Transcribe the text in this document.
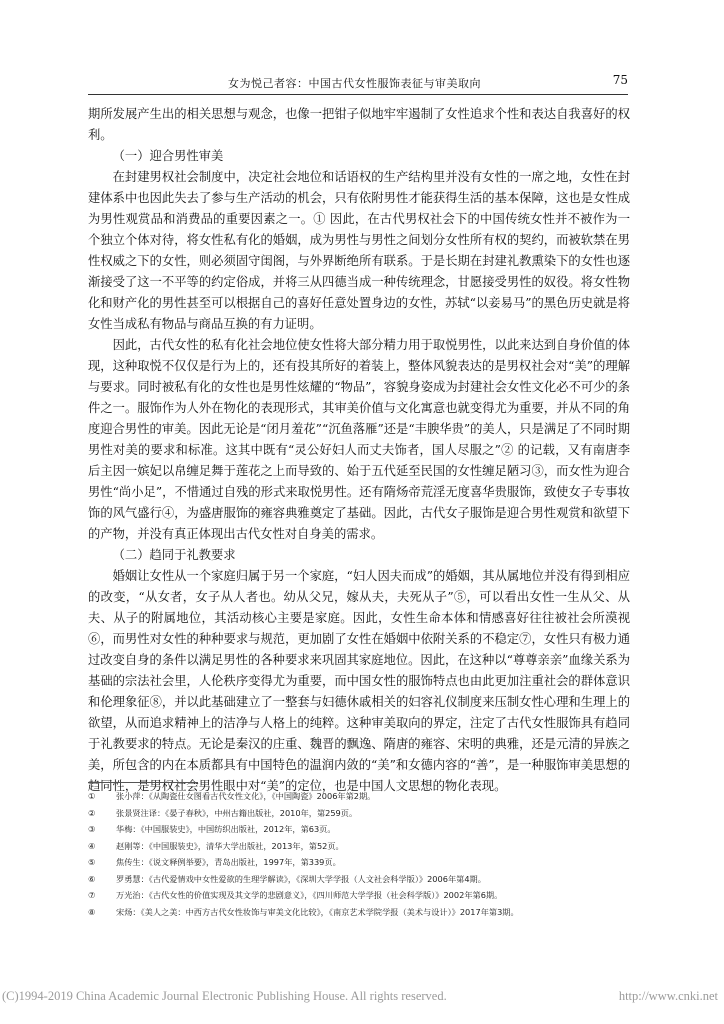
女为悦己者容：中国古代女性服饰表征与审美取向	75

期所发展产生出的相关思想与观念，也像一把钳子似地牢牢遏制了女性追求个性和表达自我喜好的权利。

（一）迎合男性审美

在封建男权社会制度中，决定社会地位和话语权的生产结构里并没有女性的一席之地，女性在封建体系中也因此失去了参与生产活动的机会，只有依附男性才能获得生活的基本保障，这也是女性成为男性观赏品和消费品的重要因素之一。① 因此，在古代男权社会下的中国传统女性并不被作为一个独立个体对待，将女性私有化的婚姻，成为男性与男性之间划分女性所有权的契约，而被软禁在男性权威之下的女性，则必须固守闺阁，与外界断绝所有联系。于是长期在封建礼教熏染下的女性也逐渐接受了这一不平等的约定俗成，并将三从四德当成一种传统理念，甘愿接受男性的奴役。将女性物化和财产化的男性甚至可以根据自己的喜好任意处置身边的女性，苏轼“以妾易马”的黑色历史就是将女性当成私有物品与商品互换的有力证明。

因此，古代女性的私有化社会地位使女性将大部分精力用于取悦男性，以此来达到自身价值的体现，这种取悦不仅仅是行为上的，还有投其所好的着装上，整体风貌表达的是男权社会对“美”的理解与要求。同时被私有化的女性也是男性炫耀的“物品”，容貌身姿成为封建社会女性文化必不可少的条件之一。服饰作为人外在物化的表现形式，其审美价值与文化寓意也就变得尤为重要，并从不同的角度迎合男性的审美。因此无论是“闭月羞花”“沉鱼落雁”还是“丰腴华贵”的美人，只是满足了不同时期男性对美的要求和标准。这其中既有“灵公好妇人而丈夫饰者，国人尽服之”② 的记载，又有南唐李后主因一嫔妃以帛缠足舞于莲花之上而导致的、始于五代延至民国的女性缠足陋习③，而女性为迎合男性“尚小足”，不惜通过自残的形式来取悦男性。还有隋炀帝荒淫无度喜华贵服饰，致使女子专事妆饰的风气盛行④，为盛唐服饰的雍容典雅奠定了基础。因此，古代女子服饰是迎合男性观赏和欲望下的产物，并没有真正体现出古代女性对自身美的需求。

（二）趋同于礼教要求

婚姻让女性从一个家庭归属于另一个家庭，“妇人因夫而成”的婚姻，其从属地位并没有得到相应的改变，“从女者，女子从人者也。幼从父兄，嫁从夫，夫死从子”⑤，可以看出女性一生从父、从夫、从子的附属地位，其活动核心主要是家庭。因此，女性生命本体和情感喜好往往被社会所漠视⑥，而男性对女性的种种要求与规范，更加剧了女性在婚姻中依附关系的不稳定⑦，女性只有极力通过改变自身的条件以满足男性的各种要求来巩固其家庭地位。因此，在这种以“尊尊亲亲”血缘关系为基础的宗法社会里，人伦秩序变得尤为重要，而中国女性的服饰特点也由此更加注重社会的群体意识和伦理象征⑧，并以此基础建立了一整套与妇德休戚相关的妇容礼仪制度来压制女性心理和生理上的欲望，从而追求精神上的洁净与人格上的纯粹。这种审美取向的界定，注定了古代女性服饰具有趋同于礼教要求的特点。无论是秦汉的庄重、魏晋的飘逸、隋唐的雍容、宋明的典雅，还是元清的异族之美，所包含的内在本质都具有中国特色的温润内敛的“美”和女德内容的“善”，是一种服饰审美思想的趋同性，是男权社会男性眼中对“美”的定位，也是中国人文思想的物化表现。

①	张小萍：《从陶瓷仕女图看古代女性文化》，《中国陶瓷》2006年第2期。
②	张景贤注译：《晏子春秋》，中州古籍出版社，2010年，第259页。
③	华梅：《中国服装史》，中国纺织出版社，2012年，第63页。
④	赵刚等：《中国服装史》，清华大学出版社，2013年，第52页。
⑤	焦传生：《说文释例举要》，青岛出版社，1997年，第339页。
⑥	罗勇慧：《古代爱情戏中女性爱欲的生理学解读》，《深圳大学学报（人文社会科学版）》2006年第4期。
⑦	万光治：《古代女性的价值实现及其文学的悲剧意义》，《四川师范大学学报（社会科学版）》2002年第6期。
⑧	宋炀：《美人之美：中西方古代女性妆饰与审美文化比较》，《南京艺术学院学报（美术与设计）》2017年第3期。
(C)1994-2019 China Academic Journal Electronic Publishing House. All rights reserved.	http://www.cnki.net
